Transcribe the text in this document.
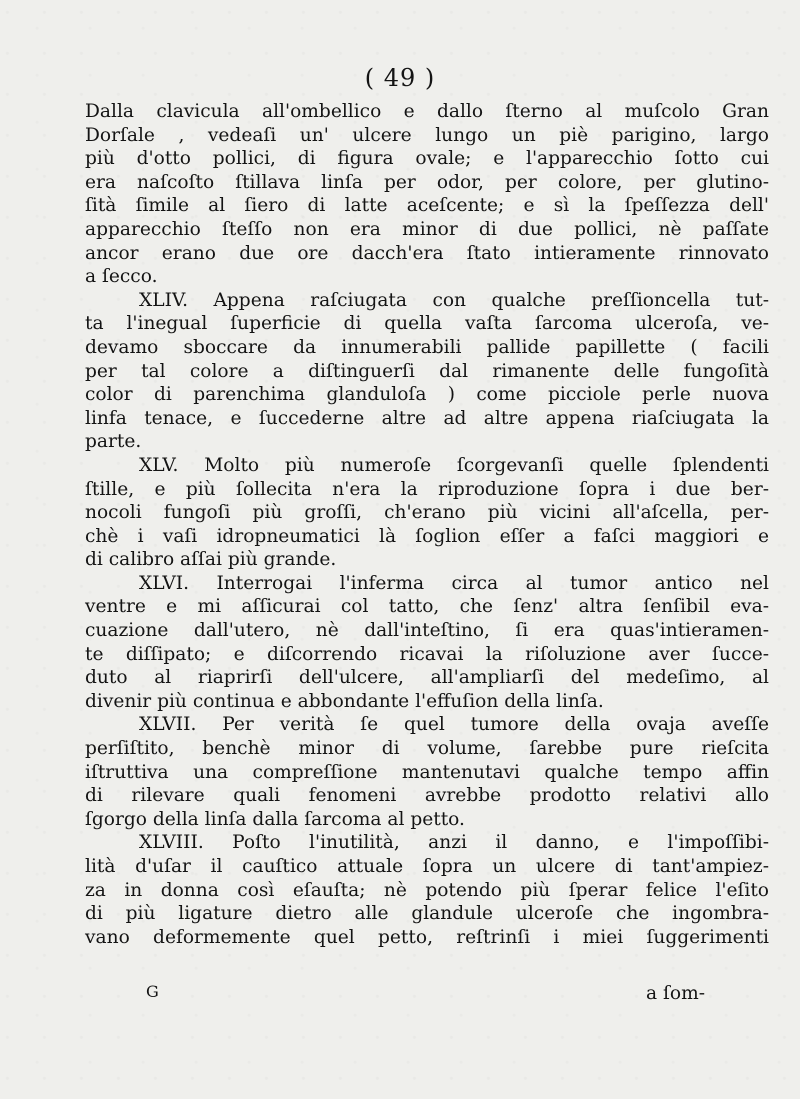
( 49 )
Dalla clavicula all'ombellico e dallo ſterno al muſcolo Gran
Dorſale , vedeaſi un' ulcere lungo un piè parigino, largo
più d'otto pollici, di figura ovale; e l'apparecchio ſotto cui
era naſcoſto ſtillava linſa per odor, per colore, per glutino-
ſità ſimile al ſiero di latte aceſcente; e sì la ſpeſſezza dell'
apparecchio ſteſſo non era minor di due pollici, nè paſſate
ancor erano due ore dacch'era ſtato intieramente rinnovato
a ſecco.
XLIV. Appena raſciugata con qualche preſſioncella tut-
ta l'inegual ſuperficie di quella vaſta ſarcoma ulceroſa, ve-
devamo sboccare da innumerabili pallide papillette ( facili
per tal colore a diſtinguerſi dal rimanente delle fungoſità
color di parenchima glanduloſa ) come picciole perle nuova
linfa tenace, e ſuccederne altre ad altre appena riaſciugata la
parte.
XLV. Molto più numeroſe ſcorgevanſi quelle ſplendenti
ſtille, e più ſollecita n'era la riproduzione ſopra i due ber-
nocoli fungoſi più groſſi, ch'erano più vicini all'aſcella, per-
chè i vaſi idropneumatici là ſoglion eſſer a faſci maggiori e
di calibro aſſai più grande.
XLVI. Interrogai l'inferma circa al tumor antico nel
ventre e mi aſſicurai col tatto, che ſenz' altra ſenſibil eva-
cuazione dall'utero, nè dall'inteſtino, ſi era quas'intieramen-
te diſſipato; e diſcorrendo ricavai la riſoluzione aver ſucce-
duto al riaprirſi dell'ulcere, all'ampliarſi del medeſimo, al
divenir più continua e abbondante l'effuſion della linſa.
XLVII. Per verità ſe quel tumore della ovaja aveſſe
perſiſtito, benchè minor di volume, ſarebbe pure rieſcita
iſtruttiva una compreſſione mantenutavi qualche tempo affin
di rilevare quali fenomeni avrebbe prodotto relativi allo
ſgorgo della linſa dalla ſarcoma al petto.
XLVIII. Poſto l'inutilità, anzi il danno, e l'impoſſibi-
lità d'uſar il cauſtico attuale ſopra un ulcere di tant'ampiez-
za in donna così eſauſta; nè potendo più ſperar felice l'eſito
di più ligature dietro alle glandule ulceroſe che ingombra-
vano deformemente quel petto, reſtrinſi i miei ſuggerimenti
G	a ſom-
